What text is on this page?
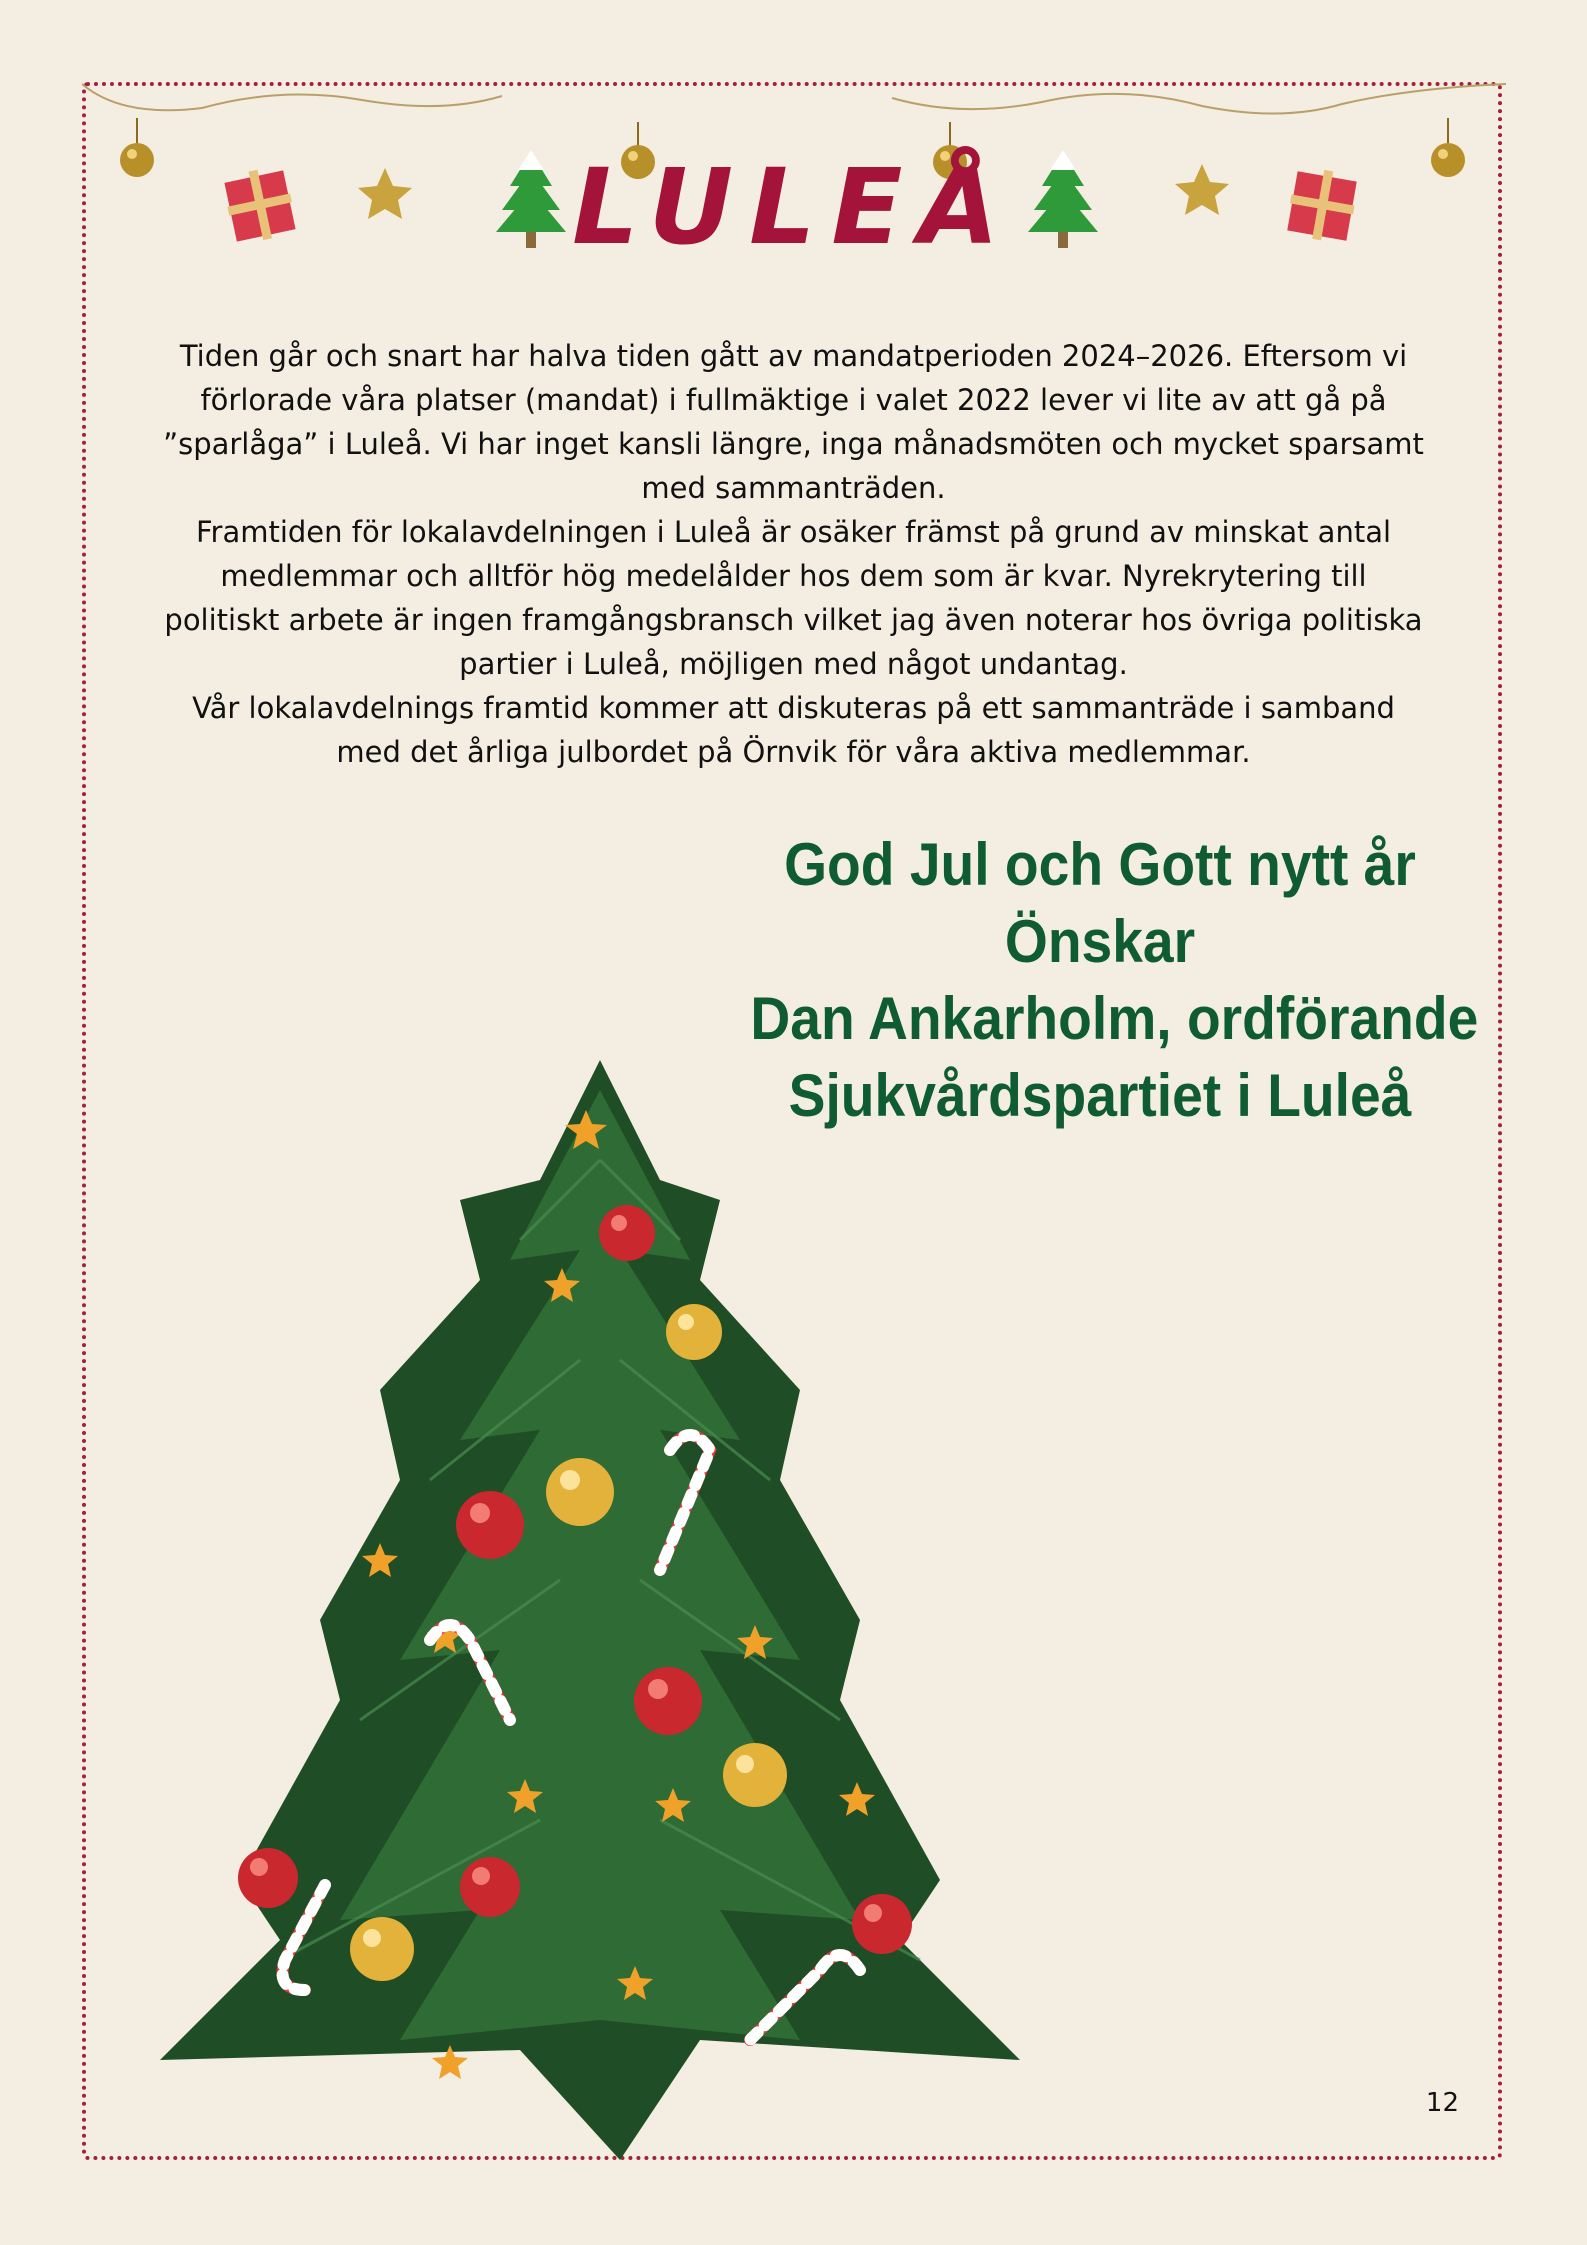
LULEÅ

Tiden går och snart har halva tiden gått av mandatperioden 2024–2026. Eftersom vi förlorade våra platser (mandat) i fullmäktige i valet 2022 lever vi lite av att gå på ”sparlåga” i Luleå. Vi har inget kansli längre, inga månadsmöten och mycket sparsamt med sammanträden.

Framtiden för lokalavdelningen i Luleå är osäker främst på grund av minskat antal medlemmar och alltför hög medelålder hos dem som är kvar. Nyrekrytering till politiskt arbete är ingen framgångsbransch vilket jag även noterar hos övriga politiska partier i Luleå, möjligen med något undantag.

Vår lokalavdelnings framtid kommer att diskuteras på ett sammanträde i samband med det årliga julbordet på Örnvik för våra aktiva medlemmar.

God Jul och Gott nytt år
Önskar
Dan Ankarholm, ordförande
Sjukvårdspartiet i Luleå
12
